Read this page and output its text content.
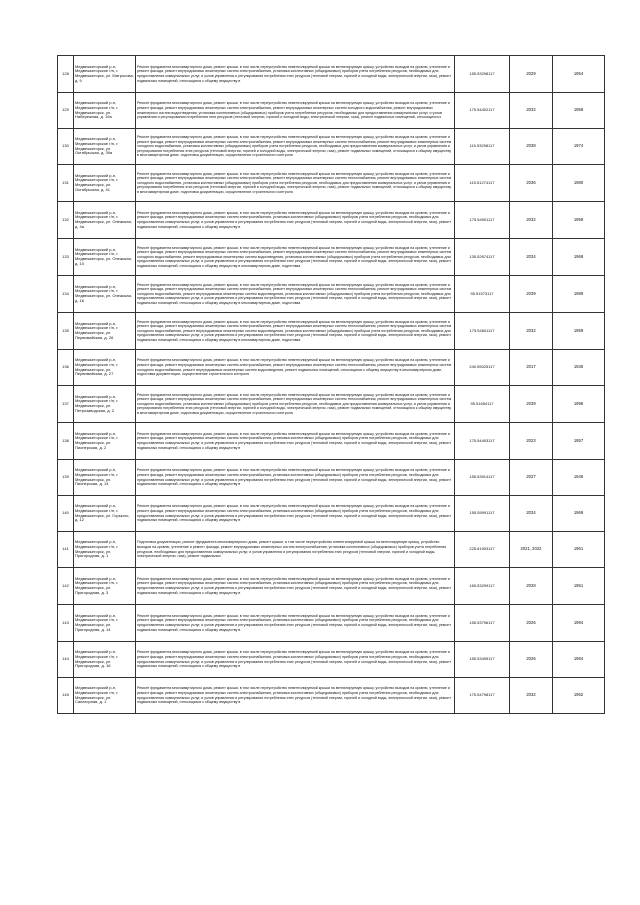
128	Медвежьегорский р-н, Медвежьегорское г/п, г. Медвежьегорск, ул. Матросова, д. 9	Ремонт фундамента многоквартирного дома, ремонт крыши, в том числе переустройство невентилируемой крыши на вентилируемую крышу, устройство выходов на кровлю, утепление и ремонт фасада, ремонт внутридомовых инженерных систем электроснабжения, установка коллективных (общедомовых) приборов учета потребления ресурсов, необходимых для предоставления коммунальных услуг, и узлов управления и регулирования потребления этих ресурсов (тепловой энергии, горячей и холодной воды, электрической энергии, газа), ремонт подвальных помещений, относящихся к общему имуществу в	155.53298117	2029	1954
129	Медвежьегорский р-н, Медвежьегорское г/п, г. Медвежьегорск, ул. Набережная, д. 19а	Ремонт фундамента многоквартирного дома, ремонт крыши, в том числе переустройство невентилируемой крыши на вентилируемую крышу, устройство выходов на кровлю, утепление и ремонт фасада, ремонт внутридомовых инженерных систем электроснабжения, ремонт внутридомовых инженерных систем холодного водоснабжения, ремонт внутридомовых инженерных систем водоотведения, установка коллективных (общедомовых) приборов учета потребления ресурсов, необходимых для предоставления коммунальных услуг, и узлов управления и регулирования потребления этих ресурсов (тепловой энергии, горячей и холодной воды, электрической энергии, газа), ремонт подвальных помещений, относящихся к	175.54402117	2032	1958
130	Медвежьегорский р-н, Медвежьегорское г/п, г. Медвежьегорск, ул. Октябрьская, д. 39а	Ремонт фундамента многоквартирного дома, ремонт крыши, в том числе переустройство невентилируемой крыши на вентилируемую крышу, устройство выходов на кровлю, утепление и ремонт фасада, ремонт внутридомовых инженерных систем электроснабжения, ремонт внутридомовых инженерных систем теплоснабжения, ремонт внутридомовых инженерных систем холодного водоснабжения, установка коллективных (общедомовых) приборов учета потребления ресурсов, необходимых для предоставления коммунальных услуг, и узлов управления и регулирования потребления этих ресурсов (тепловой энергии, горячей и холодной воды, электрической энергии, газа), ремонт подвальных помещений, относящихся к общему имуществу в многоквартирном доме, подготовка документации, осуществление строительного контроля	115.53298117	2038	1974
131	Медвежьегорский р-н, Медвежьегорское г/п, г. Медвежьегорск, ул. Октябрьская, д. 41	Ремонт фундамента многоквартирного дома, ремонт крыши, в том числе переустройство невентилируемой крыши на вентилируемую крышу, устройство выходов на кровлю, утепление и ремонт фасада, ремонт внутридомовых инженерных систем электроснабжения, ремонт внутридомовых инженерных систем теплоснабжения, ремонт внутридомовых инженерных систем холодного водоснабжения, установка коллективных (общедомовых) приборов учета потребления ресурсов, необходимых для предоставления коммунальных услуг, и узлов управления и регулирования потребления этих ресурсов (тепловой энергии, горячей и холодной воды, электрической энергии, газа), ремонт подвальных помещений, относящихся к общему имуществу в многоквартирном доме, подготовка документации, осуществление строительного контроля	115.51274117	2036	1980
132	Медвежьегорский р-н, Медвежьегорское г/п, г. Медвежьегорск, ул. Онежская, д. 4а	Ремонт фундамента многоквартирного дома, ремонт крыши, в том числе переустройство невентилируемой крыши на вентилируемую крышу, устройство выходов на кровлю, утепление и ремонт фасада, ремонт внутридомовых инженерных систем электроснабжения, установка коллективных (общедомовых) приборов учета потребления ресурсов, необходимых для предоставления коммунальных услуг, и узлов управления и регулирования потребления этих ресурсов (тепловой энергии, горячей и холодной воды, электрической энергии, газа), ремонт подвальных помещений, относящихся к общему имуществу в	175.54901117	2032	1959
133	Медвежьегорский р-н, Медвежьегорское г/п, г. Медвежьегорск, ул. Онежская, д. 10	Ремонт фундамента многоквартирного дома, ремонт крыши, в том числе переустройство невентилируемой крыши на вентилируемую крышу, устройство выходов на кровлю, утепление и ремонт фасада, ремонт внутридомовых инженерных систем электроснабжения, ремонт внутридомовых инженерных систем теплоснабжения, ремонт внутридомовых инженерных систем холодного водоснабжения, ремонт внутридомовых инженерных систем водоотведения, установка коллективных (общедомовых) приборов учета потребления ресурсов, необходимых для предоставления коммунальных услуг, и узлов управления и регулирования потребления этих ресурсов (тепловой энергии, горячей и холодной воды, электрической энергии, газа), ремонт подвальных помещений, относящихся к общему имуществу в многоквартирном доме, подготовка	135.52674117	2034	1968
134	Медвежьегорский р-н, Медвежьегорское г/п, г. Медвежьегорск, ул. Онежская, д. 16	Ремонт фундамента многоквартирного дома, ремонт крыши, в том числе переустройство невентилируемой крыши на вентилируемую крышу, устройство выходов на кровлю, утепление и ремонт фасада, ремонт внутридомовых инженерных систем электроснабжения, ремонт внутридомовых инженерных систем теплоснабжения, ремонт внутридомовых инженерных систем холодного водоснабжения, ремонт внутридомовых инженерных систем водоотведения, установка коллективных (общедомовых) приборов учета потребления ресурсов, необходимых для предоставления коммунальных услуг, и узлов управления и регулирования потребления этих ресурсов (тепловой энергии, горячей и холодной воды, электрической энергии, газа), ремонт подвальных помещений, относящихся к общему имуществу в многоквартирном доме, подготовка	95.51573117	2039	1989
135	Медвежьегорский р-н, Медвежьегорское г/п, г. Медвежьегорск, ул. Первомайская, д. 26	Ремонт фундамента многоквартирного дома, ремонт крыши, в том числе переустройство невентилируемой крыши на вентилируемую крышу, устройство выходов на кровлю, утепление и ремонт фасада, ремонт внутридомовых инженерных систем электроснабжения, ремонт внутридомовых инженерных систем теплоснабжения, ремонт внутридомовых инженерных систем холодного водоснабжения, ремонт внутридомовых инженерных систем водоотведения, установка коллективных (общедомовых) приборов учета потребления ресурсов, необходимых для предоставления коммунальных услуг, и узлов управления и регулирования потребления этих ресурсов (тепловой энергии, горячей и холодной воды, электрической энергии, газа), ремонт подвальных помещений, относящихся к общему имуществу в многоквартирном доме, подготовка	175.54601117	2032	1959
136	Медвежьегорский р-н, Медвежьегорское г/п, г. Медвежьегорск, ул. Первомайская, д. 27	Ремонт фундамента многоквартирного дома, ремонт крыши, в том числе переустройство невентилируемой крыши на вентилируемую крышу, устройство выходов на кровлю, утепление и ремонт фасада, ремонт внутридомовых инженерных систем электроснабжения, ремонт внутридомовых инженерных систем теплоснабжения, ремонт внутридомовых инженерных систем холодного водоснабжения, ремонт внутридомовых инженерных систем водоотведения, ремонт подвальных помещений, относящихся к общему имуществу в многоквартирном доме, подготовка документации, осуществление строительного контроля	240.55025117	2017	1935
137	Медвежьегорский р-н, Медвежьегорское г/п, г. Медвежьегорск, ул. Петрозаводская, д. 2	Ремонт фундамента многоквартирного дома, ремонт крыши, в том числе переустройство невентилируемой крыши на вентилируемую крышу, устройство выходов на кровлю, утепление и ремонт фасада, ремонт внутридомовых инженерных систем электроснабжения, ремонт внутридомовых инженерных систем теплоснабжения, ремонт внутридомовых инженерных систем холодного водоснабжения, установка коллективных (общедомовых) приборов учета потребления ресурсов, необходимых для предоставления коммунальных услуг, и узлов управления и регулирования потребления этих ресурсов (тепловой энергии, горячей и холодной воды, электрической энергии, газа), ремонт подвальных помещений, относящихся к общему имуществу в многоквартирном доме, подготовка документации, осуществление строительного контроля	95.51654117	2039	1996
138	Медвежьегорский р-н, Медвежьегорское г/п, г. Медвежьегорск, ул. Пионерская, д. 2	Ремонт фундамента многоквартирного дома, ремонт крыши, в том числе переустройство невентилируемой крыши на вентилируемую крышу, устройство выходов на кровлю, утепление и ремонт фасада, ремонт внутридомовых инженерных систем электроснабжения, установка коллективных (общедомовых) приборов учета потребления ресурсов, необходимых для предоставления коммунальных услуг, и узлов управления и регулирования потребления этих ресурсов (тепловой энергии, горячей и холодной воды, электрической энергии, газа), ремонт подвальных помещений, относящихся к общему имуществу в	175.54403117	2023	1957
139	Медвежьегорский р-н, Медвежьегорское г/п, г. Медвежьегорск, ул. Пионерская, д. 14	Ремонт фундамента многоквартирного дома, ремонт крыши, в том числе переустройство невентилируемой крыши на вентилируемую крышу, устройство выходов на кровлю, утепление и ремонт фасада, ремонт внутридомовых инженерных систем электроснабжения, установка коллективных (общедомовых) приборов учета потребления ресурсов, необходимых для предоставления коммунальных услуг, и узлов управления и регулирования потребления этих ресурсов (тепловой энергии, горячей и холодной воды, электрической энергии, газа), ремонт подвальных помещений, относящихся к общему имуществу в	155.53914117	2027	1946
140	Медвежьегорский р-н, Медвежьегорское г/п, г. Медвежьегорск, ул. Горького, д. 12	Ремонт фундамента многоквартирного дома, ремонт крыши, в том числе переустройство невентилируемой крыши на вентилируемую крышу, устройство выходов на кровлю, утепление и ремонт фасада, ремонт внутридомовых инженерных систем электроснабжения, установка коллективных (общедомовых) приборов учета потребления ресурсов, необходимых для предоставления коммунальных услуг, и узлов управления и регулирования потребления этих ресурсов (тепловой энергии, горячей и холодной воды, электрической энергии, газа), ремонт подвальных помещений, относящихся к общему имуществу в	155.55991117	2034	1969
141	Медвежьегорский р-н, Медвежьегорское г/п, г. Медвежьегорск, ул. Пригородная, д. 1	Подготовка документации, ремонт фундамента многоквартирного дома, ремонт крыши, в том числе переустройство невентилируемой крыши на вентилируемую крышу, устройство выходов на кровлю, утепление и ремонт фасада, ремонт внутридомовых инженерных систем электроснабжения, установка коллективных (общедомовых) приборов учета потребления ресурсов, необходимых для предоставления коммунальных услуг, и узлов управления и регулирования потребления этих ресурсов (тепловой энергии, горячей и холодной воды, электрической энергии, газа), ремонт подвальных	225.61903117	2021, 2022	1961
142	Медвежьегорский р-н, Медвежьегорское г/п, г. Медвежьегорск, ул. Пригородная, д. 3	Ремонт фундамента многоквартирного дома, ремонт крыши, в том числе переустройство невентилируемой крыши на вентилируемую крышу, устройство выходов на кровлю, утепление и ремонт фасада, ремонт внутридомовых инженерных систем электроснабжения, установка коллективных (общедомовых) приборов учета потребления ресурсов, необходимых для предоставления коммунальных услуг, и узлов управления и регулирования потребления этих ресурсов (тепловой энергии, горячей и холодной воды, электрической энергии, газа), ремонт подвальных помещений, относящихся к общему имуществу в	165.53299117	2028	1951
143	Медвежьегорский р-н, Медвежьегорское г/п, г. Медвежьегорск, ул. Пригородная, д. 14	Ремонт фундамента многоквартирного дома, ремонт крыши, в том числе переустройство невентилируемой крыши на вентилируемую крышу, устройство выходов на кровлю, утепление и ремонт фасада, ремонт внутридомовых инженерных систем электроснабжения, установка коллективных (общедомовых) приборов учета потребления ресурсов, необходимых для предоставления коммунальных услуг, и узлов управления и регулирования потребления этих ресурсов (тепловой энергии, горячей и холодной воды, электрической энергии, газа), ремонт подвальных помещений, относящихся к общему имуществу в	155.53796117	2026	1994
144	Медвежьегорский р-н, Медвежьегорское г/п, г. Медвежьегорск, ул. Пригородная, д. 16	Ремонт фундамента многоквартирного дома, ремонт крыши, в том числе переустройство невентилируемой крыши на вентилируемую крышу, устройство выходов на кровлю, утепление и ремонт фасада, ремонт внутридомовых инженерных систем электроснабжения, установка коллективных (общедомовых) приборов учета потребления ресурсов, необходимых для предоставления коммунальных услуг, и узлов управления и регулирования потребления этих ресурсов (тепловой энергии, горячей и холодной воды, электрической энергии, газа), ремонт подвальных помещений, относящихся к общему имуществу в	155.53495117	2026	1984
145	Медвежьегорский р-н, Медвежьегорское г/п, г. Медвежьегорск, ул. Санаторная, д. 1	Ремонт фундамента многоквартирного дома, ремонт крыши, в том числе переустройство невентилируемой крыши на вентилируемую крышу, устройство выходов на кровлю, утепление и ремонт фасада, ремонт внутридомовых инженерных систем электроснабжения, установка коллективных (общедомовых) приборов учета потребления ресурсов, необходимых для предоставления коммунальных услуг, и узлов управления и регулирования потребления этих ресурсов (тепловой энергии, горячей и холодной воды, электрической энергии, газа), ремонт подвальных помещений, относящихся к общему имуществу в	175.54798117	2032	1952
